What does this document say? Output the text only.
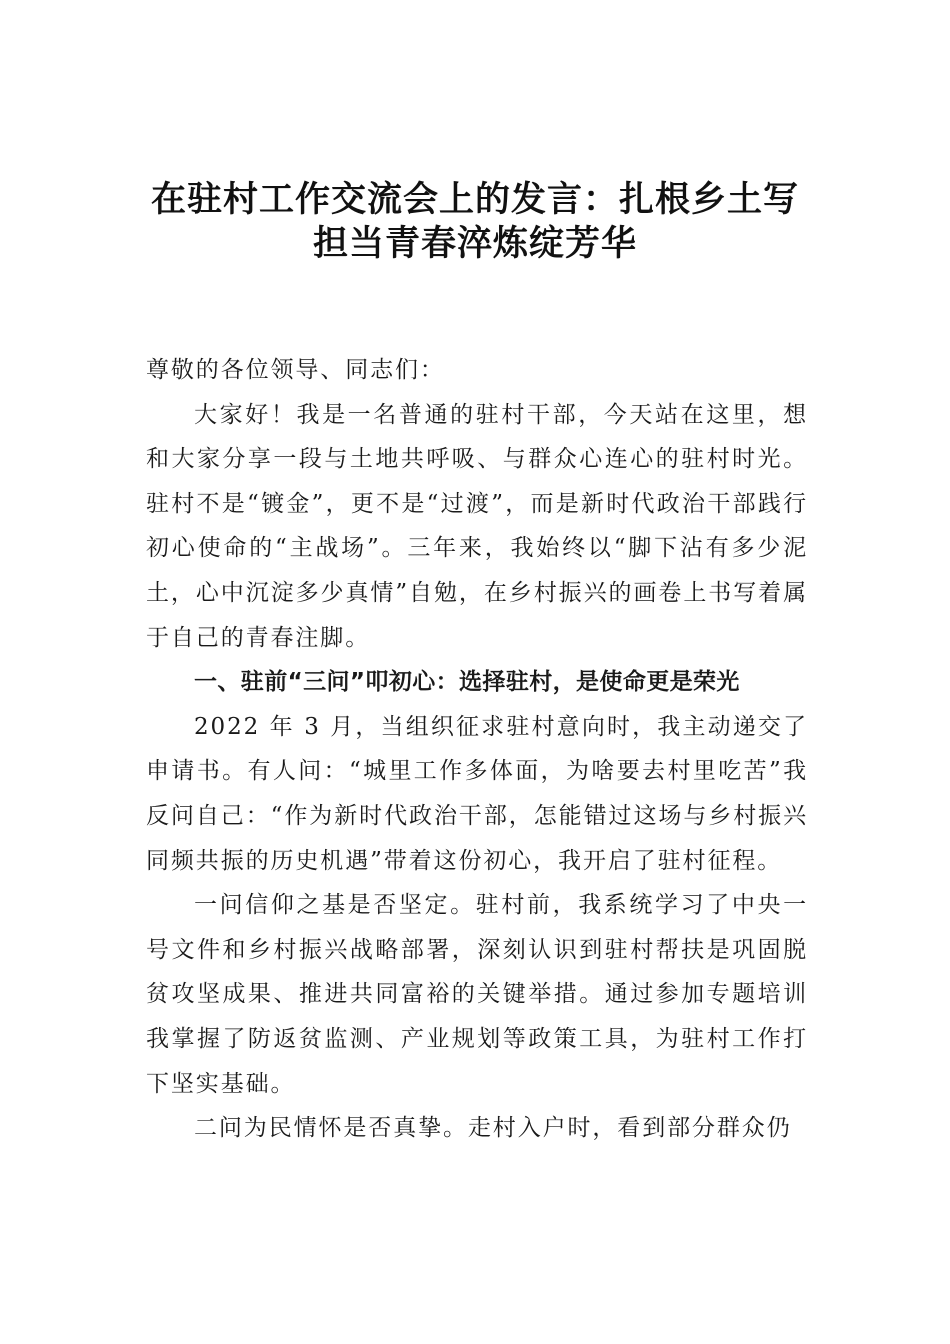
在驻村工作交流会上的发言：扎根乡土写
担当青春淬炼绽芳华

尊敬的各位领导、同志们：

大家好！我是一名普通的驻村干部，今天站在这里，想和大家分享一段与土地共呼吸、与群众心连心的驻村时光。驻村不是“镀金”，更不是“过渡”，而是新时代政治干部践行初心使命的“主战场”。三年来，我始终以“脚下沾有多少泥土，心中沉淀多少真情”自勉，在乡村振兴的画卷上书写着属于自己的青春注脚。

一、驻前“三问”叩初心：选择驻村，是使命更是荣光

2022 年 3 月，当组织征求驻村意向时，我主动递交了申请书。有人问：“城里工作多体面，为啥要去村里吃苦”我反问自己：“作为新时代政治干部，怎能错过这场与乡村振兴同频共振的历史机遇”带着这份初心，我开启了驻村征程。

一问信仰之基是否坚定。驻村前，我系统学习了中央一号文件和乡村振兴战略部署，深刻认识到驻村帮扶是巩固脱贫攻坚成果、推进共同富裕的关键举措。通过参加专题培训我掌握了防返贫监测、产业规划等政策工具，为驻村工作打下坚实基础。

二问为民情怀是否真挚。走村入户时，看到部分群众仍
